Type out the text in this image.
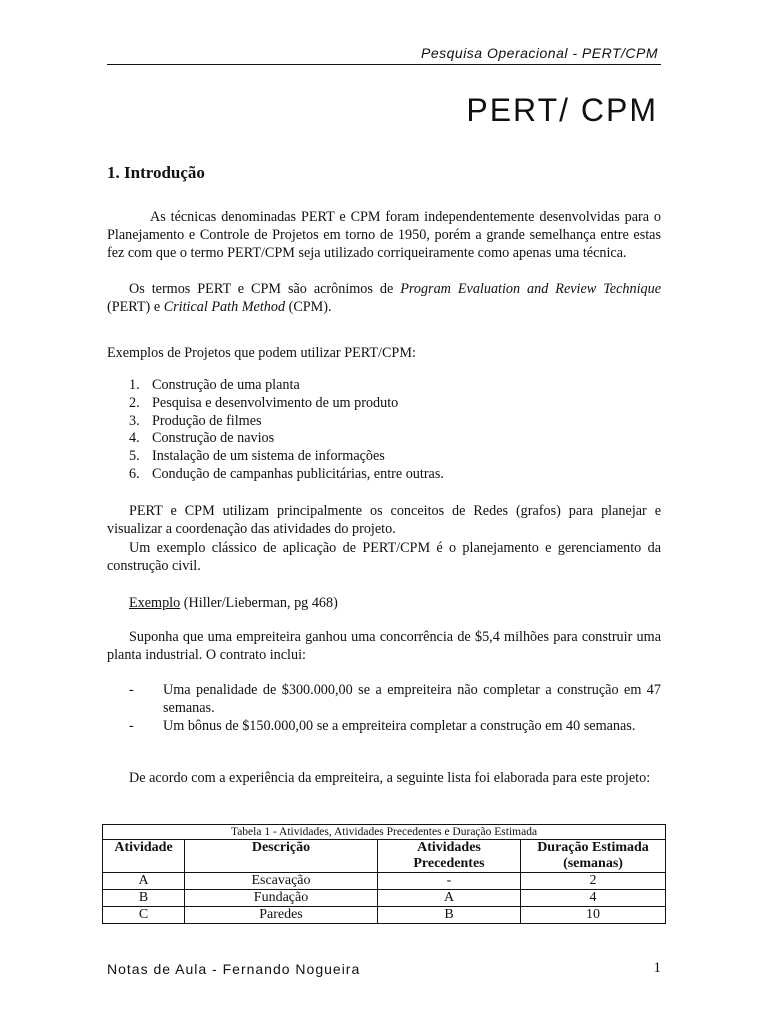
Pesquisa Operacional - PERT/CPM
PERT/ CPM
1. Introdução

As técnicas denominadas PERT e CPM foram independentemente desenvolvidas para o Planejamento e Controle de Projetos em torno de 1950, porém a grande semelhança entre estas fez com que o termo PERT/CPM seja utilizado corriqueiramente como apenas uma técnica.

Os termos PERT e CPM são acrônimos de Program Evaluation and Review Technique (PERT) e Critical Path Method (CPM).

Exemplos de Projetos que podem utilizar PERT/CPM:

1. Construção de uma planta
2. Pesquisa e desenvolvimento de um produto
3. Produção de filmes
4. Construção de navios
5. Instalação de um sistema de informações
6. Condução de campanhas publicitárias, entre outras.

PERT e CPM utilizam principalmente os conceitos de Redes (grafos) para planejar e visualizar a coordenação das atividades do projeto.

Um exemplo clássico de aplicação de PERT/CPM é o planejamento e gerenciamento da construção civil.

Exemplo (Hiller/Lieberman, pg 468)

Suponha que uma empreiteira ganhou uma concorrência de $5,4 milhões para construir uma planta industrial. O contrato inclui:

- Uma penalidade de $300.000,00 se a empreiteira não completar a construção em 47 semanas.
- Um bônus de $150.000,00 se a empreiteira completar a construção em 40 semanas.

De acordo com a experiência da empreiteira, a seguinte lista foi elaborada para este projeto:

Tabela 1 - Atividades, Atividades Precedentes e Duração Estimada			
Atividade	Descrição	Atividades Precedentes	Duração Estimada (semanas)
A	Escavação	-	2
B	Fundação	A	4
C	Paredes	B	10
Notas de Aula - Fernando Nogueira	1
